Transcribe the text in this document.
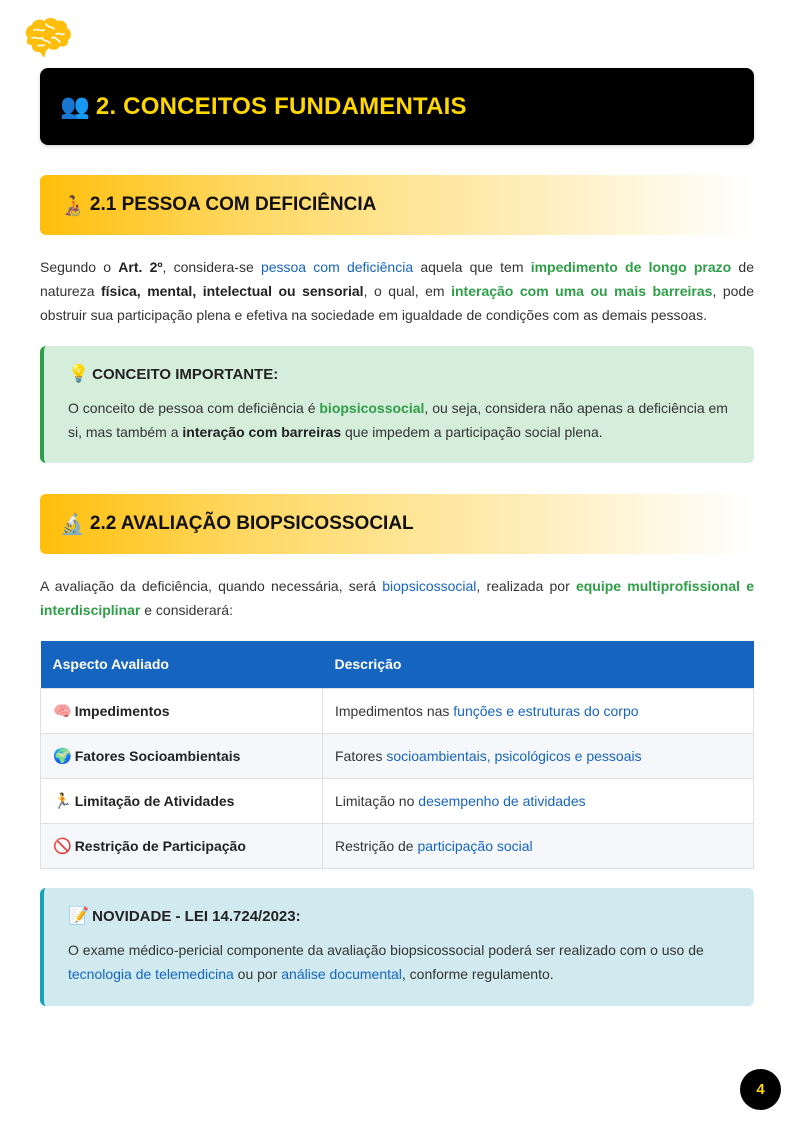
👥 2. CONCEITOS FUNDAMENTAIS
🧑‍🦽 2.1 PESSOA COM DEFICIÊNCIA

Segundo o Art. 2º, considera-se pessoa com deficiência aquela que tem impedimento de longo prazo de natureza física, mental, intelectual ou sensorial, o qual, em interação com uma ou mais barreiras, pode obstruir sua participação plena e efetiva na sociedade em igualdade de condições com as demais pessoas.

💡 CONCEITO IMPORTANTE:

O conceito de pessoa com deficiência é biopsicossocial, ou seja, considera não apenas a deficiência em si, mas também a interação com barreiras que impedem a participação social plena.

🔬 2.2 AVALIAÇÃO BIOPSICOSSOCIAL

A avaliação da deficiência, quando necessária, será biopsicossocial, realizada por equipe multiprofissional e interdisciplinar e considerará:

Aspecto Avaliado	Descrição
🧠 Impedimentos	Impedimentos nas funções e estruturas do corpo
🌍 Fatores Socioambientais	Fatores socioambientais, psicológicos e pessoais
🏃 Limitação de Atividades	Limitação no desempenho de atividades
🚫 Restrição de Participação	Restrição de participação social
📝 NOVIDADE - LEI 14.724/2023:

O exame médico-pericial componente da avaliação biopsicossocial poderá ser realizado com o uso de tecnologia de telemedicina ou por análise documental, conforme regulamento.

4
